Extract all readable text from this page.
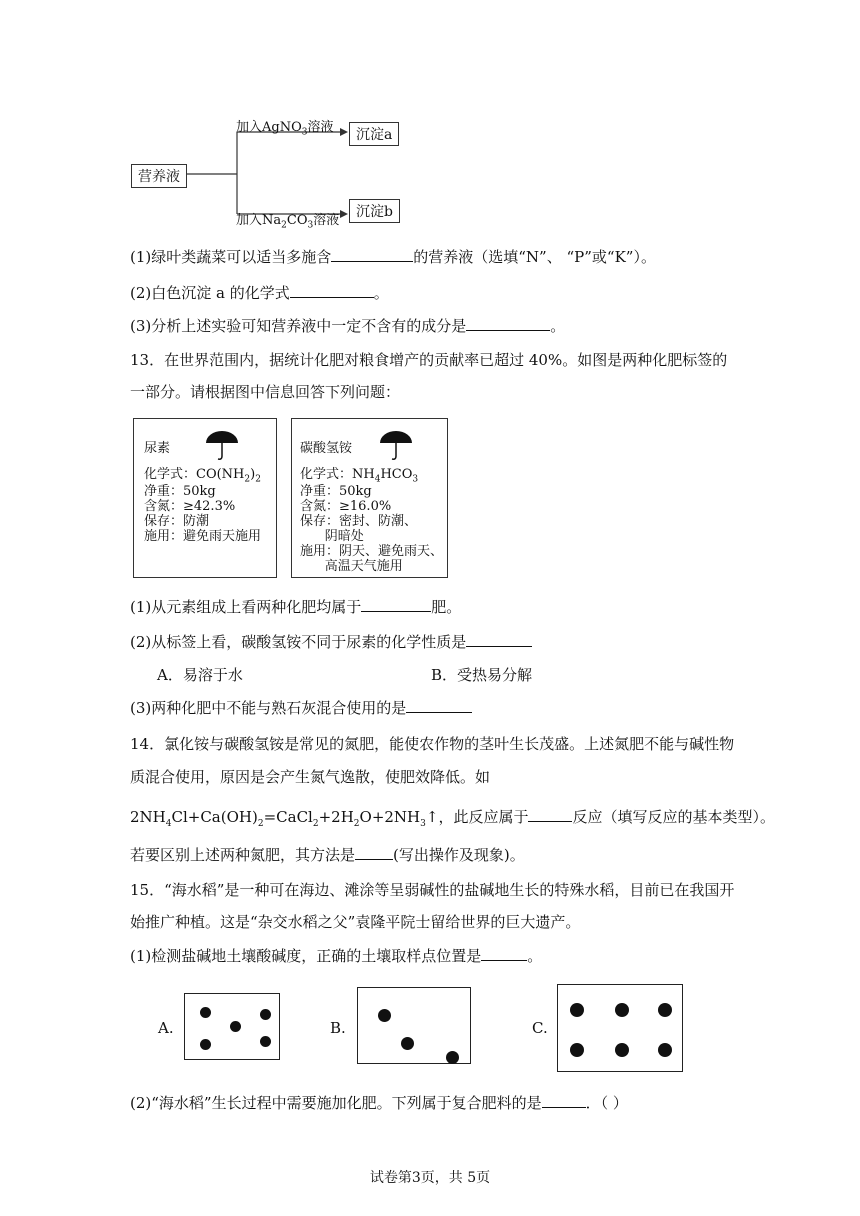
营养液
加入AgNO$_3$溶液	沉淀a
加入$Na_2CO_3$溶液
沉淀b
(1)绿叶类蔬菜可以适当多施含	的营养液（选填“N”、 “P”或“K”）。
(2)白色沉淀 a 的化学式	。
(3)分析上述实验可知营养液中一定不含有的成分是	。
13．在世界范围内，据统计化肥对粮食增产的贡献率已超过 40%。如图是两种化肥标签的
一部分。请根据图中信息回答下列问题：
尿素
化学式：$CO(NH_2)_2$
净重：50kg
含氮：≥42.3%
保存：防潮
施用：避免雨天施用
碳酸氢铵
化学式：$NH_4HCO_3$
净重：50kg
含氮：≥16.0%
保存：密封、防潮、
阴暗处
施用：阴天、避免雨天、
高温天气施用
(1)从元素组成上看两种化肥均属于	肥。
(2)从标签上看，碳酸氢铵不同于尿素的化学性质是
A．易溶于水	B．受热易分解
(3)两种化肥中不能与熟石灰混合使用的是
14．氯化铵与碳酸氢铵是常见的氮肥，能使农作物的茎叶生长茂盛。上述氮肥不能与碱性物
质混合使用，原因是会产生氮气逸散，使肥效降低。如
$2NH_4Cl+Ca(OH)_2=CaCl_2+2H_2O+2NH_3↑$，此反应属于	反应（填写反应的基本类型）。
若要区别上述两种氮肥，其方法是	(写出操作及现象)。
15．“海水稻”是一种可在海边、滩涂等呈弱碱性的盐碱地生长的特殊水稻，目前已在我国开
始推广种植。这是“杂交水稻之父”袁隆平院士留给世界的巨大遗产。
(1)检测盐碱地土壤酸碱度，正确的土壤取样点位置是	。
A.	B.	C.
(2)“海水稻”生长过程中需要施加化肥。下列属于复合肥料的是	．（ ）
试卷第3页，共 5页
